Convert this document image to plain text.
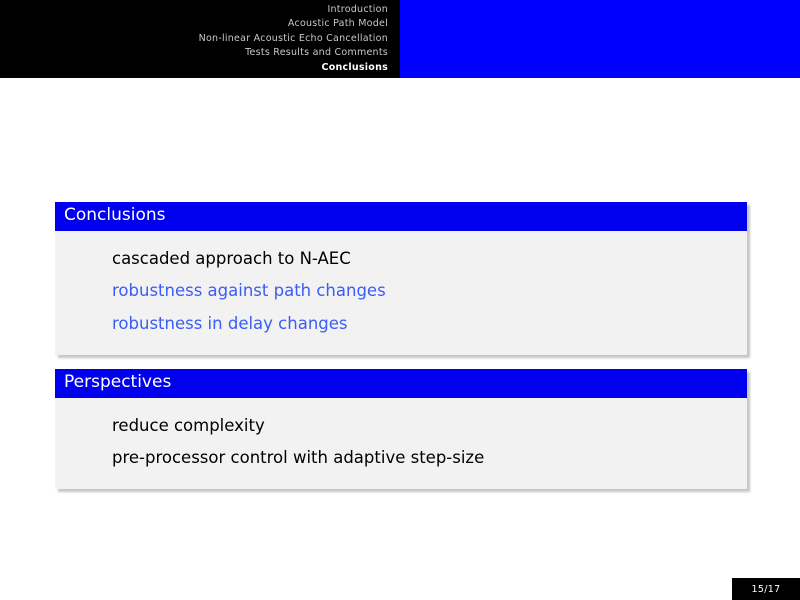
Introduction
Acoustic Path Model
Non-linear Acoustic Echo Cancellation
Tests Results and Comments
Conclusions
Conclusions
cascaded approach to N-AEC
robustness against path changes
robustness in delay changes
Perspectives
reduce complexity
pre-processor control with adaptive step-size
15/17
